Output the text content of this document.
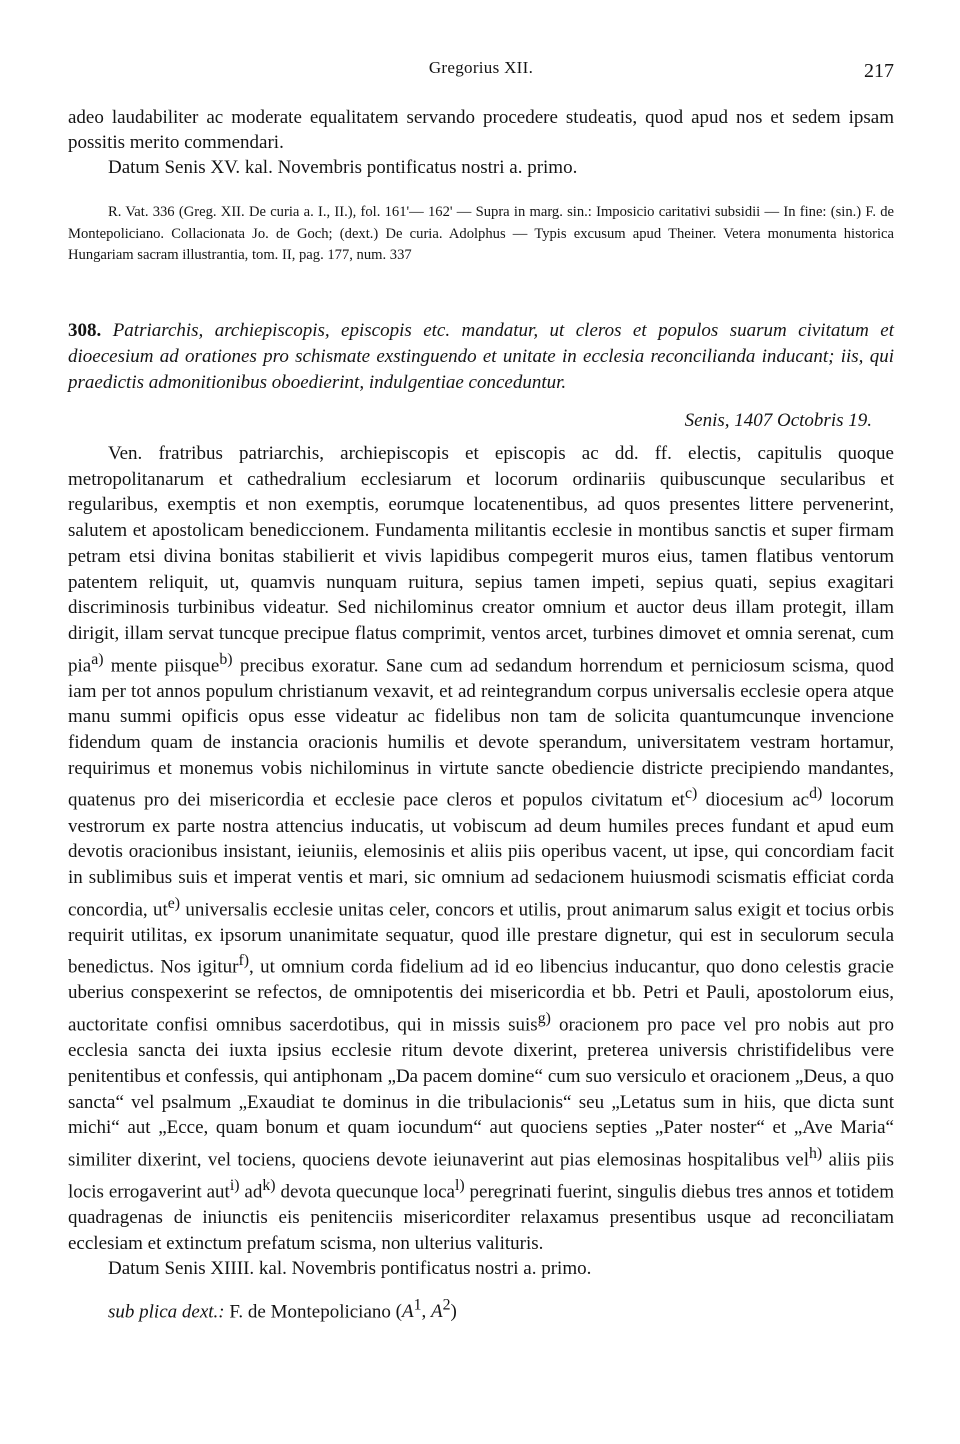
Gregorius XII.	217

adeo laudabiliter ac moderate equalitatem servando procedere studeatis, quod apud nos et sedem ipsam possitis merito commendari.

Datum Senis XV. kal. Novembris pontificatus nostri a. primo.

R. Vat. 336 (Greg. XII. De curia a. I., II.), fol. 161'— 162' — Supra in marg. sin.: Imposicio caritativi subsidii — In fine: (sin.) F. de Montepoliciano. Collacionata Jo. de Goch; (dext.) De curia. Adolphus — Typis excusum apud Theiner. Vetera monumenta historica Hungariam sacram illustrantia, tom. II, pag. 177, num. 337

308. Patriarchis, archiepiscopis, episcopis etc. mandatur, ut cleros et populos suarum civitatum et dioecesium ad orationes pro schismate exstinguendo et unitate in ecclesia reconcilianda inducant; iis, qui praedictis admonitionibus oboedierint, indulgentiae conceduntur.

Senis, 1407 Octobris 19.

Ven. fratribus patriarchis, archiepiscopis et episcopis ac dd. ff. electis, capitulis quoque metropolitanarum et cathedralium ecclesiarum et locorum ordinariis quibuscunque secularibus et regularibus, exemptis et non exemptis, eorumque locatenentibus, ad quos presentes littere pervenerint, salutem et apostolicam benediccionem. Fundamenta militantis ecclesie in montibus sanctis et super firmam petram etsi divina bonitas stabilierit et vivis lapidibus compegerit muros eius, tamen flatibus ventorum patentem reliquit, ut, quamvis nunquam ruitura, sepius tamen impeti, sepius quati, sepius exagitari discriminosis turbinibus videatur. Sed nichilominus creator omnium et auctor deus illam protegit, illam dirigit, illam servat tuncque precipue flatus comprimit, ventos arcet, turbines dimovet et omnia serenat, cum pia$^{a)}$ mente piisque$^{b)}$ precibus exoratur. Sane cum ad sedandum horrendum et perniciosum scisma, quod iam per tot annos populum christianum vexavit, et ad reintegrandum corpus universalis ecclesie opera atque manu summi opificis opus esse videatur ac fidelibus non tam de solicita quantumcunque invencione fidendum quam de instancia oracionis humilis et devote sperandum, universitatem vestram hortamur, requirimus et monemus vobis nichilominus in virtute sancte obediencie districte precipiendo mandantes, quatenus pro dei misericordia et ecclesie pace cleros et populos civitatum $et^{c)}$ diocesium $ac^{d)}$ locorum vestrorum ex parte nostra attencius inducatis, ut vobiscum ad deum humiles preces fundant et apud eum devotis oracionibus insistant, ieiuniis, elemosinis et aliis piis operibus vacent, ut ipse, qui concordiam facit in sublimibus suis et imperat ventis et mari, sic omnium ad sedacionem huiusmodi scismatis efficiat corda concordia, $ut^{e)}$ universalis ecclesie unitas celer, concors et utilis, prout animarum salus exigit et tocius orbis requirit utilitas, ex ipsorum unanimitate sequatur, quod ille prestare dignetur, qui est in seculorum secula benedictus. Nos igitur$^{f)}$, ut omnium corda fidelium ad id eo libencius inducantur, quo dono celestis gracie uberius conspexerint se refectos, de omnipotentis dei misericordia et bb. Petri et Pauli, apostolorum eius, auctoritate confisi omnibus sacerdotibus, qui in missis suis$^{g)}$ oracionem pro pace vel pro nobis aut pro ecclesia sancta dei iuxta ipsius ecclesie ritum devote dixerint, preterea universis christifidelibus vere penitentibus et confessis, qui antiphonam „Da pacem domine“ cum suo versiculo et oracionem „Deus, a quo sancta“ vel psalmum „Exaudiat te dominus in die tribulacionis“ seu „Letatus sum in hiis, que dicta sunt michi“ aut „Ecce, quam bonum et quam iocundum“ aut quociens septies „Pater noster“ et „Ave Maria“ similiter dixerint, vel tociens, quociens devote ieiunaverint aut pias elemosinas hospitalibus vel$^{h)}$ aliis piis locis errogaverint aut$^{i)}$ $ad^{k)}$ devota quecunque loca$^{l)}$ peregrinati fuerint, singulis diebus tres annos et totidem quadragenas de iniunctis eis penitenciis misericorditer relaxamus presentibus usque ad reconciliatam ecclesiam et extinctum prefatum scisma, non ulterius valituris.

Datum Senis XIIII. kal. Novembris pontificatus nostri a. primo.

sub plica dext.: F. de Montepoliciano ($A^1$, $A^2$)
